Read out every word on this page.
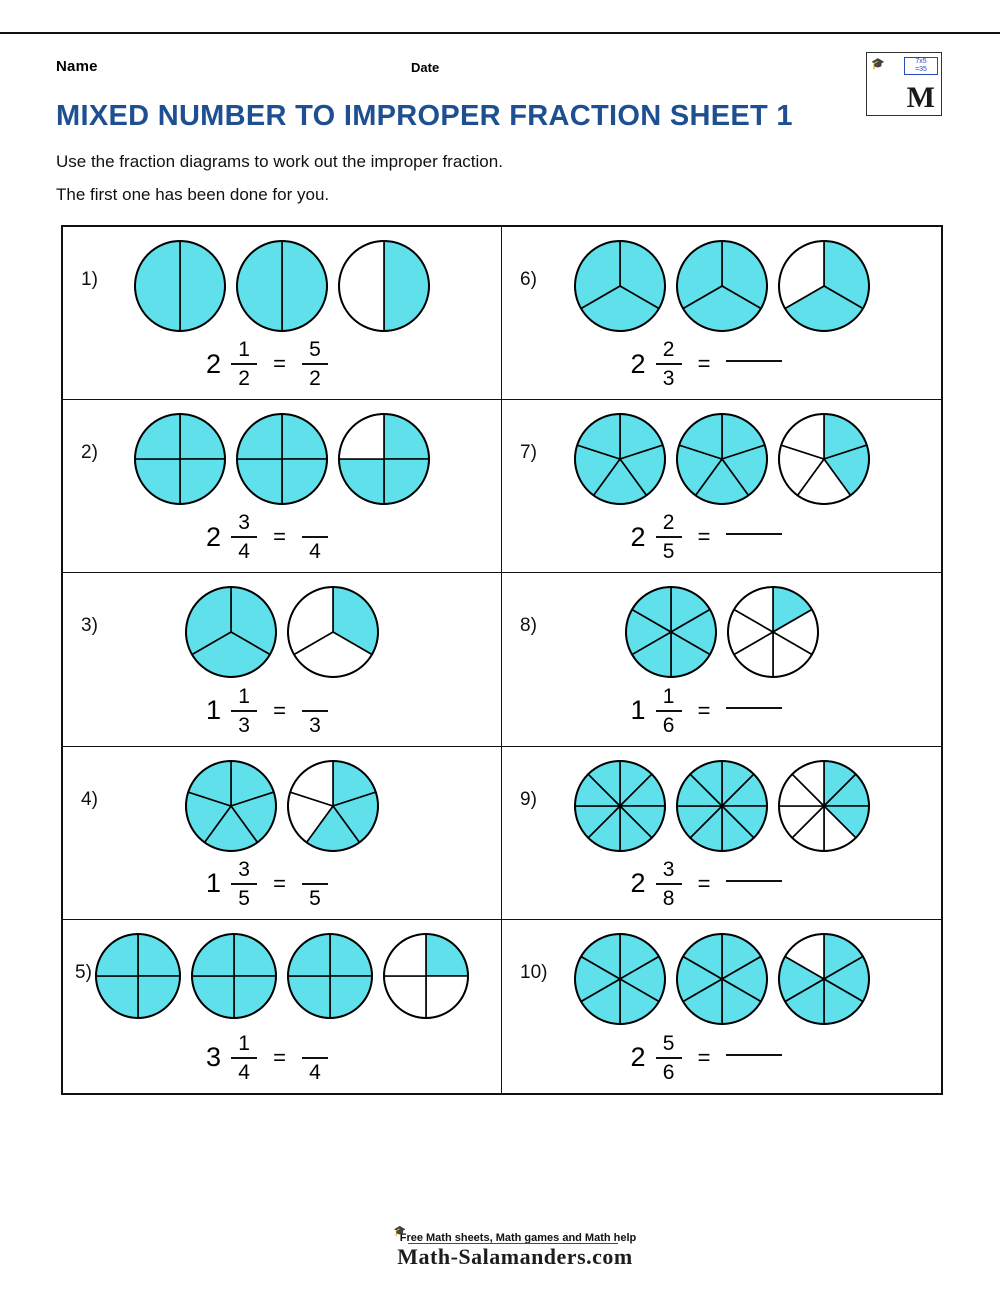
Name	Date	🎓	7x5
=35
M
MIXED NUMBER TO IMPROPER FRACTION SHEET 1
Use the fraction diagrams to work out the improper fraction.
The first one has been done for you.
1)
$2 \frac{1}{2} = \frac{5}{2}$
6)
$2 \frac{2}{3}$ =
2)
$2 \frac{3}{4}$ =
4
7)
$2 \frac{2}{5}$ =
3)
$1 \frac{1}{3}$ =
3
8)
$1 \frac{1}{6}$ =
4)
$1 \frac{3}{5}$ =
5
9)
$2 \frac{3}{8}$ =
5)
$3 \frac{1}{4}$ =
4
10)
$2 \frac{5}{6}$ =
🎓
Free Math sheets, Math games and Math help
Math-Salamanders.com
